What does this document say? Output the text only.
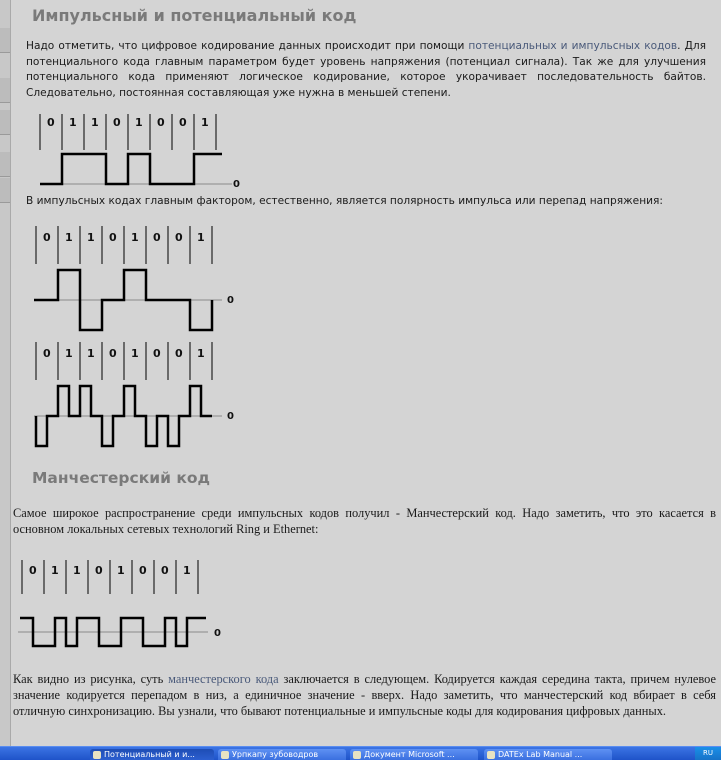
Импульсный и потенциальный код

Надо отметить, что цифровое кодирование данных происходит при помощи потенциальных и импульсных кодов. Для потенциального кода главным параметром будет уровень напряжения (потенциал сигнала). Так же для улучшения потенциального кода применяют логическое кодирование, которое укорачивает последовательность байтов. Следовательно, постоянная составляющая уже нужна в меньшей степени.

0 1 1 0 1 0 0 1
0

В импульсных кодах главным фактором, естественно, является полярность импульса или перепад напряжения:

0 1 1 0 1 0 0 1
0
0 1 1 0 1 0 0 1
0
Манчестерский код

Самое широкое распространение среди импульсных кодов получил - Манчестерский код. Надо заметить, что это касается в основном локальных сетевых технологий Ring и Ethernet:

0 1 1 0 1 0 0 1
0

Как видно из рисунка, суть манчестерского кода заключается в следующем. Кодируется каждая середина такта, причем нулевое значение кодируется перепадом в низ, а единичное значение - вверх. Надо заметить, что манчестерский код вбирает в себя отличную синхронизацию. Вы узнали, что бывают потенциальные и импульсные коды для кодирования цифровых данных.

Потенциальный и и...	Урпкапу зубоводров	Документ Microsoft ...	DATEх Lab Manual ...	RU
